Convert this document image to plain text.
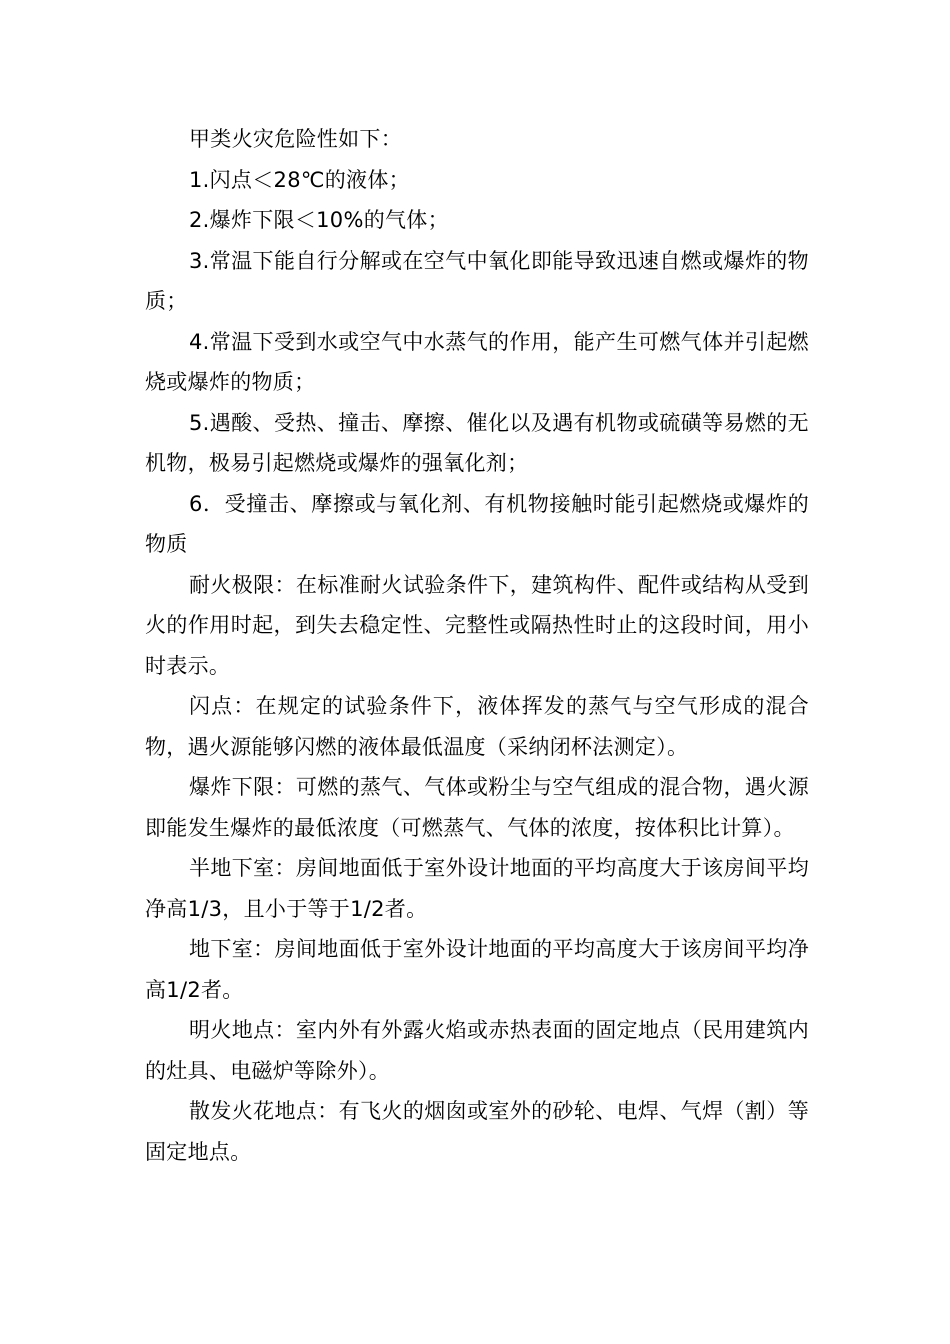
甲类火灾危险性如下：

1.闪点＜28℃的液体；

2.爆炸下限＜10%的气体；

3.常温下能自行分解或在空气中氧化即能导致迅速自燃或爆炸的物质；

4.常温下受到水或空气中水蒸气的作用，能产生可燃气体并引起燃烧或爆炸的物质；

5.遇酸、受热、撞击、摩擦、催化以及遇有机物或硫磺等易燃的无机物，极易引起燃烧或爆炸的强氧化剂；

6．受撞击、摩擦或与氧化剂、有机物接触时能引起燃烧或爆炸的物质

耐火极限：在标准耐火试验条件下，建筑构件、配件或结构从受到火的作用时起，到失去稳定性、完整性或隔热性时止的这段时间，用小时表示。

闪点：在规定的试验条件下，液体挥发的蒸气与空气形成的混合物，遇火源能够闪燃的液体最低温度（采纳闭杯法测定）。

爆炸下限：可燃的蒸气、气体或粉尘与空气组成的混合物，遇火源即能发生爆炸的最低浓度（可燃蒸气、气体的浓度，按体积比计算）。

半地下室：房间地面低于室外设计地面的平均高度大于该房间平均净高1/3，且小于等于1/2者。

地下室：房间地面低于室外设计地面的平均高度大于该房间平均净高1/2者。

明火地点：室内外有外露火焰或赤热表面的固定地点（民用建筑内的灶具、电磁炉等除外）。

散发火花地点：有飞火的烟囱或室外的砂轮、电焊、气焊（割）等固定地点。
